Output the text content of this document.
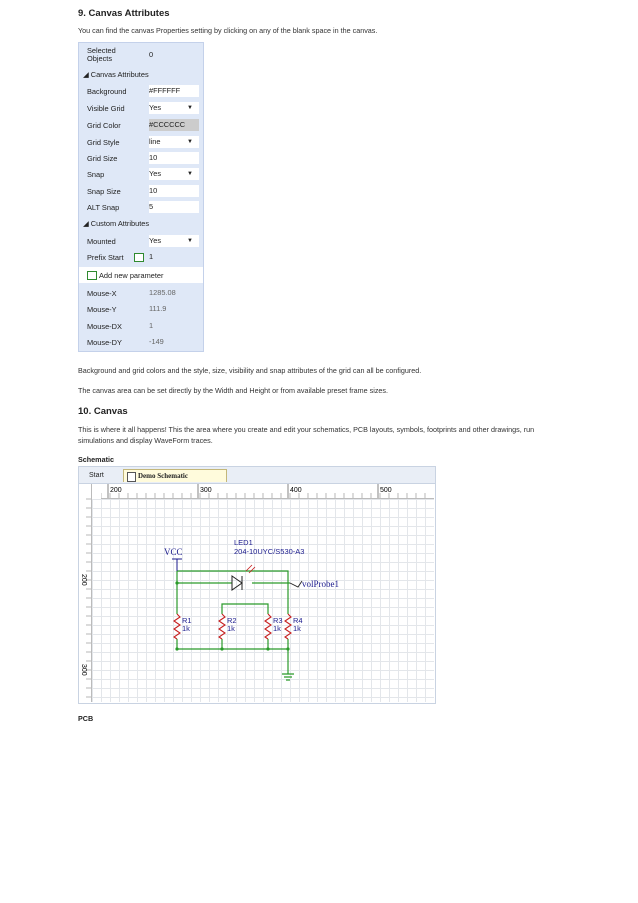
9. Canvas Attributes

You can find the canvas Properties setting by clicking on any of the blank space in the canvas.

Selected Objects	0
◢ Canvas Attributes
◢ Custom Attributes
Mounted	Yes	▼
Prefix Start	1
Add new parameter
Background	#FFFFFF
Visible Grid	Yes	▼
Grid Color	#CCCCCC
Grid Style	line	▼
Grid Size	10
Snap	Yes	▼
Snap Size	10
ALT Snap	5
Mouse-X	1285.08
Mouse-Y	111.9
Mouse-DX	1
Mouse-DY	-149

Background and grid colors and the style, size, visibility and snap attributes of the grid can all be configured.

The canvas area can be set directly by the Width and Height or from available preset frame sizes.

10. Canvas

This is where it all happens! This the area where you create and edit your schematics, PCB layouts, symbols, footprints and other drawings, run

simulations and display WaveForm traces.

Schematic

Start	Demo Schematic
200	300	400	500
200
300
VCC
LED1
204-10UYC/S530-A3
volProbe1
R1
1k
R2
1k
R3
1k
R4
1k

PCB
